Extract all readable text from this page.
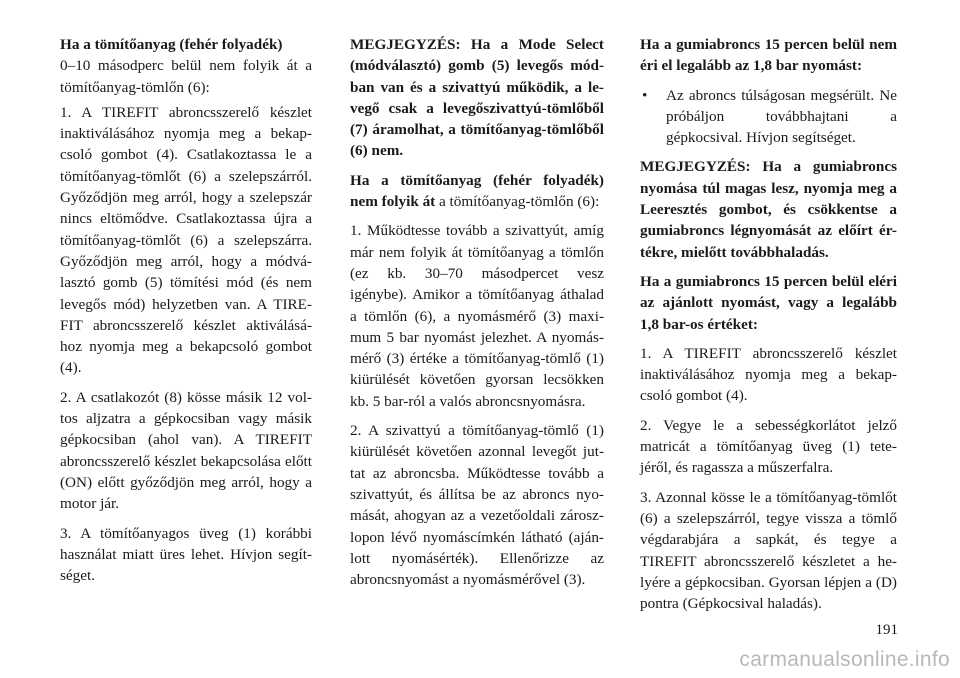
Ha a tömítőanyag (fehér folyadék)
0–10 másodperc belül nem folyik át a tömítőanyag-tömlőn (6):

1. A TIREFIT abroncsszerelő készlet inaktiválásához nyomja meg a bekap-csoló gombot (4). Csatlakoztassa le a tömítőanyag-tömlőt (6) a szelepszárról. Győződjön meg arról, hogy a szelepszár nincs eltömődve. Csatlakoztassa újra a tömítőanyag-tömlőt (6) a szelepszárra. Győződjön meg arról, hogy a módvá-lasztó gomb (5) tömítési mód (és nem levegős mód) helyzetben van. A TIRE-FIT abroncsszerelő készlet aktiválásá-hoz nyomja meg a bekapcsoló gombot (4).

2. A csatlakozót (8) kösse másik 12 vol-tos aljzatra a gépkocsiban vagy másik gépkocsiban (ahol van). A TIREFIT abroncsszerelő készlet bekapcsolása előtt (ON) előtt győződjön meg arról, hogy a motor jár.

3. A tömítőanyagos üveg (1) korábbi használat miatt üres lehet. Hívjon segít-séget.

MEGJEGYZÉS: Ha a Mode Select (módválasztó) gomb (5) levegős mód-ban van és a szivattyú működik, a le-vegő csak a levegőszivattyú-tömlőből (7) áramolhat, a tömítőanyag-tömlőből (6) nem.

Ha a tömítőanyag (fehér folyadék) nem folyik át a tömítőanyag-tömlőn (6):

1. Működtesse tovább a szivattyút, amíg már nem folyik át tömítőanyag a tömlőn (ez kb. 30–70 másodpercet vesz igénybe). Amikor a tömítőanyag áthalad a tömlőn (6), a nyomásmérő (3) maxi-mum 5 bar nyomást jelezhet. A nyomás-mérő (3) értéke a tömítőanyag-tömlő (1) kiürülését követően gyorsan lecsökken kb. 5 bar-ról a valós abroncsnyomásra.

2. A szivattyú a tömítőanyag-tömlő (1) kiürülését követően azonnal levegőt jut-tat az abroncsba. Működtesse tovább a szivattyút, és állítsa be az abroncs nyo-mását, ahogyan az a vezetőoldali zárosz-lopon lévő nyomáscímkén látható (aján-lott nyomásérték). Ellenőrizze az abroncsnyomást a nyomásmérővel (3).

Ha a gumiabroncs 15 percen belül nem éri el legalább az 1,8 bar nyomást:

• Az abroncs túlságosan megsérült. Ne próbáljon továbbhajtani a gépkocsival. Hívjon segítséget.

MEGJEGYZÉS: Ha a gumiabroncs nyomása túl magas lesz, nyomja meg a Leeresztés gombot, és csökkentse a gumiabroncs légnyomását az előírt ér-tékre, mielőtt továbbhaladás.

Ha a gumiabroncs 15 percen belül eléri az ajánlott nyomást, vagy a legalább 1,8 bar-os értéket:

1. A TIREFIT abroncsszerelő készlet inaktiválásához nyomja meg a bekap-csoló gombot (4).

2. Vegye le a sebességkorlátot jelző matricát a tömítőanyag üveg (1) tete-jéről, és ragassza a műszerfalra.

3. Azonnal kösse le a tömítőanyag-tömlőt (6) a szelepszárról, tegye vissza a tömlő végdarabjára a sapkát, és tegye a TIREFIT abroncsszerelő készletet a he-lyére a gépkocsiban. Gyorsan lépjen a (D) pontra (Gépkocsival haladás).

191
carmanualsonline.info
